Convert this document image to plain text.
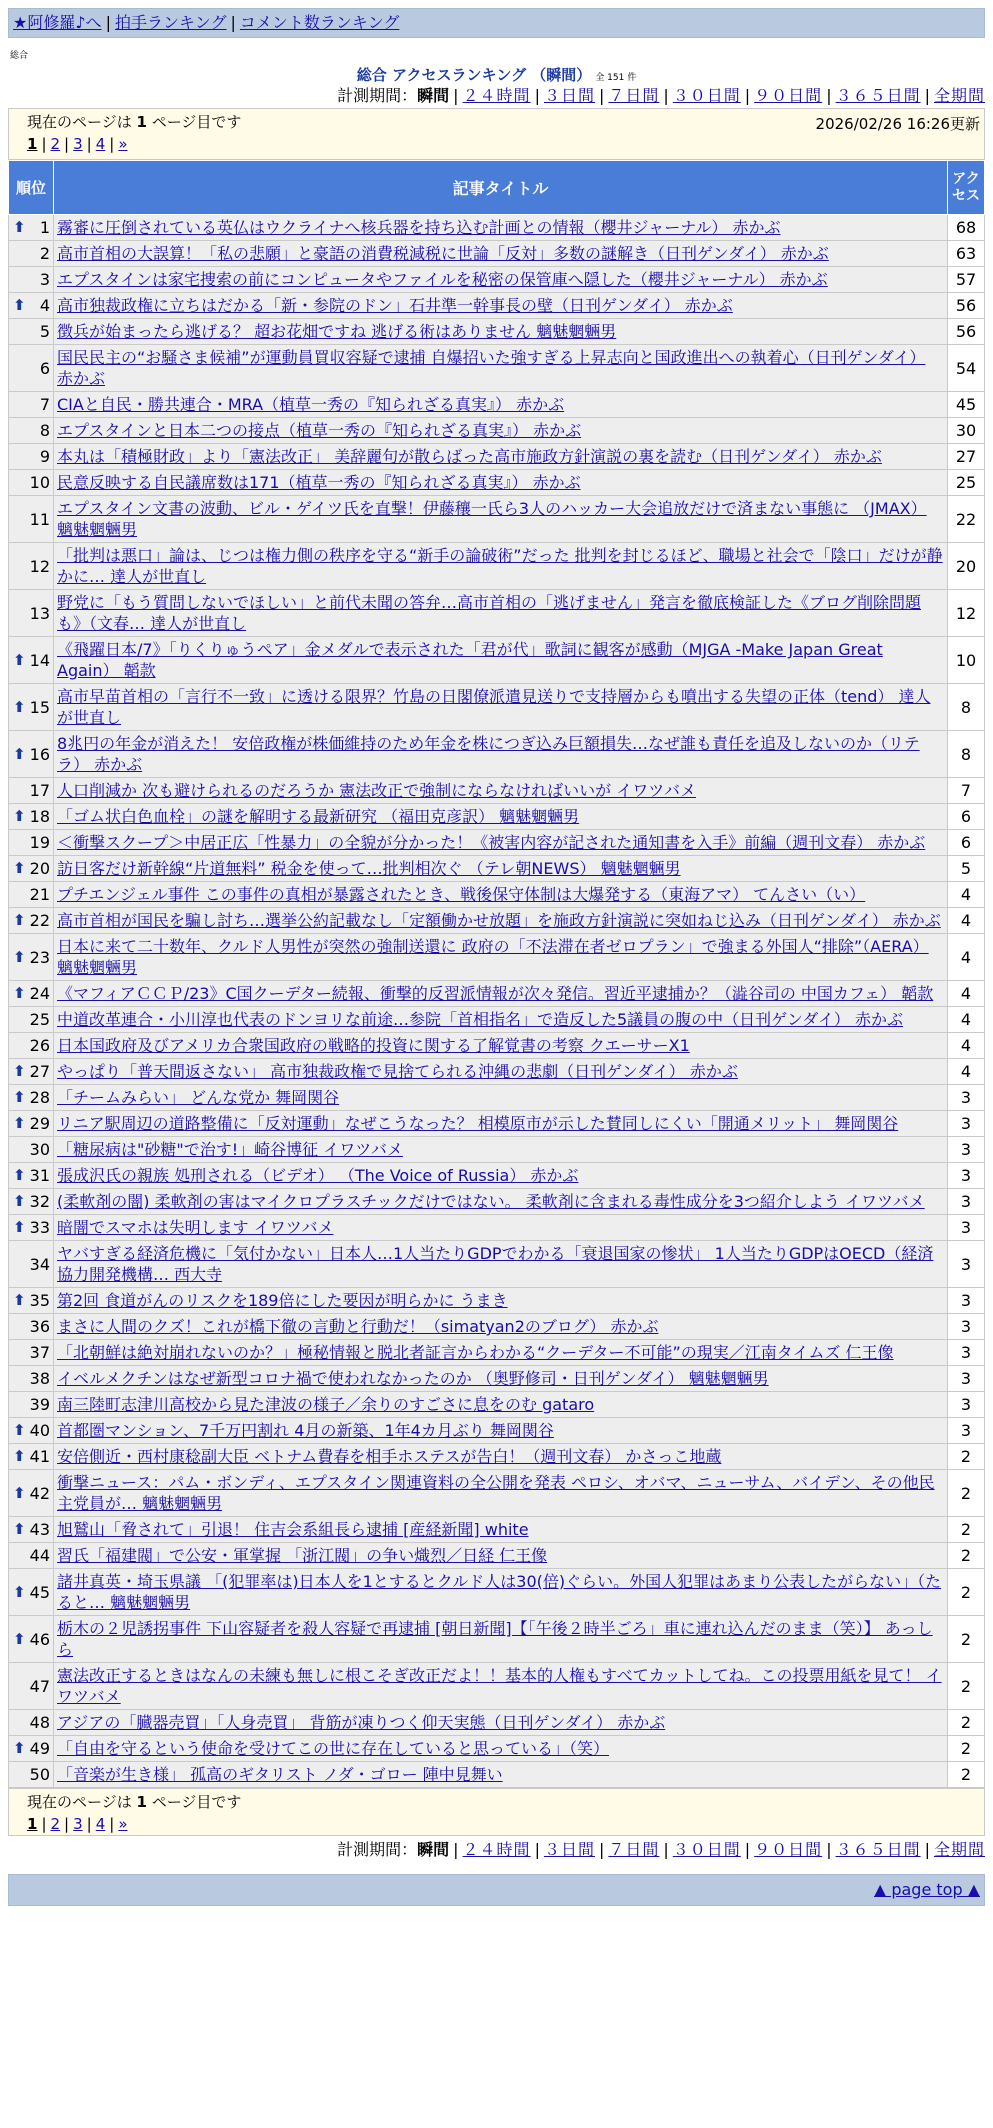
★阿修羅♪へ | 拍手ランキング | コメント数ランキング
総合
総合 アクセスランキング （瞬間） 全 151 件
計測期間：瞬間 | ２４時間 | ３日間 | ７日間 | ３０日間 | ９０日間 | ３６５日間 | 全期間
現在のページは 1 ページ目です	2026/02/26 16:26更新
1 | 2 | 3 | 4 | »
順位	記事タイトル	アクセス

⬆ 1	霧審に圧倒されている英仏はウクライナへ核兵器を持ち込む計画との情報（櫻井ジャーナル） 赤かぶ	68
2	高市首相の大誤算！「私の悲願」と豪語の消費税減税に世論「反対」多数の謎解き（日刊ゲンダイ） 赤かぶ	63
3	エプスタインは家宅捜索の前にコンピュータやファイルを秘密の保管庫へ隠した（櫻井ジャーナル） 赤かぶ	57

⬆ 4	高市独裁政権に立ちはだかる「新・参院のドン」石井準一幹事長の壁（日刊ゲンダイ） 赤かぶ	56
5	徴兵が始まったら逃げる？ 超お花畑ですね 逃げる術はありません 魑魅魍魎男	56
6	国民民主の“お騒さま候補”が運動員買収容疑で逮捕 自爆招いた強すぎる上昇志向と国政進出への執着心（日刊ゲンダイ） 赤かぶ	54
7	CIAと自民・勝共連合・MRA（植草一秀の『知られざる真実』） 赤かぶ	45
8	エプスタインと日本二つの接点（植草一秀の『知られざる真実』） 赤かぶ	30
9	本丸は「積極財政」より「憲法改正」 美辞麗句が散らばった高市施政方針演説の裏を読む（日刊ゲンダイ） 赤かぶ	27
10	民意反映する自民議席数は171（植草一秀の『知られざる真実』） 赤かぶ	25
11	エプスタイン文書の波動、ビル・ゲイツ氏を直撃！伊藤穰一氏ら3人のハッカー大会追放だけで済まない事態に （JMAX） 魑魅魍魎男	22
12	「批判は悪口」論は、じつは権力側の秩序を守る“新手の論破術”だった 批判を封じるほど、職場と社会で「陰口」だけが静かに… 達人が世直し	20
13	野党に「もう質問しないでほしい」と前代未聞の答弁…高市首相の「逃げません」発言を徹底検証した《ブログ削除問題も》（文春… 達人が世直し	12

⬆ 14	《飛躍日本/7》「りくりゅうペア」金メダルで表示された「君が代」歌詞に観客が感動（MJGA -Make Japan Great Again） 韜款	10

⬆ 15	高市早苗首相の「言行不一致」に透ける限界？竹島の日閣僚派遣見送りで支持層からも噴出する失望の正体（tend） 達人が世直し	8

⬆ 16	8兆円の年金が消えた！ 安倍政権が株価維持のため年金を株につぎ込み巨額損失…なぜ誰も責任を追及しないのか（リテラ） 赤かぶ	8
17	人口削減か 次も避けられるのだろうか 憲法改正で強制にならなければいいが イワツバメ	7

⬆ 18	「ゴム状白色血栓」の謎を解明する最新研究 （福田克彦訳） 魑魅魍魎男	6
19	＜衝撃スクープ＞中居正広「性暴力」の全貌が分かった！《被害内容が記された通知書を入手》前編（週刊文春） 赤かぶ	6

⬆ 20	訪日客だけ新幹線“片道無料” 税金を使って…批判相次ぐ （テレ朝NEWS） 魑魅魍魎男	5
21	プチエンジェル事件 この事件の真相が暴露されたとき、戦後保守体制は大爆発する（東海アマ） てんさい（い）	4

⬆ 22	高市首相が国民を騙し討ち…選挙公約記載なし「定額働かせ放題」を施政方針演説に突如ねじ込み（日刊ゲンダイ） 赤かぶ	4

⬆ 23	日本に来て二十数年、クルド人男性が突然の強制送還に 政府の「不法滞在者ゼロプラン」で強まる外国人“排除”（AERA） 魑魅魍魎男	4

⬆ 24	《マフィアＣＣＰ/23》C国クーデター続報、衝撃的反習派情報が次々発信。習近平逮捕か？（澁谷司の 中国カフェ） 韜款	4
25	中道改革連合・小川淳也代表のドンヨリな前途…参院「首相指名」で造反した5議員の腹の中（日刊ゲンダイ） 赤かぶ	4
26	日本国政府及びアメリカ合衆国政府の戦略的投資に関する了解覚書の考察 クエーサーX1	4

⬆ 27	やっぱり「普天間返さない」 高市独裁政権で見捨てられる沖縄の悲劇（日刊ゲンダイ） 赤かぶ	4

⬆ 28	「チームみらい」 どんな党か 舞岡関谷	3

⬆ 29	リニア駅周辺の道路整備に「反対運動」なぜこうなった？ 相模原市が示した賛同しにくい「開通メリット」 舞岡関谷	3
30	「糖尿病は"砂糖"で治す!」崎谷博征 イワツバメ	3

⬆ 31	張成沢氏の親族 処刑される（ビデオ） （The Voice of Russia） 赤かぶ	3

⬆ 32	(柔軟剤の闇) 柔軟剤の害はマイクロプラスチックだけではない。 柔軟剤に含まれる毒性成分を3つ紹介しよう イワツバメ	3

⬆ 33	暗闇でスマホは失明します イワツバメ	3
34	ヤバすぎる経済危機に「気付かない」日本人…1人当たりGDPでわかる「衰退国家の惨状」 1人当たりGDPはOECD（経済協力開発機構… 西大寺	3

⬆ 35	第2回 食道がんのリスクを189倍にした要因が明らかに うまき	3
36	まさに人間のクズ！これが橋下徹の言動と行動だ！（simatyan2のブログ） 赤かぶ	3
37	「北朝鮮は絶対崩れないのか？」極秘情報と脱北者証言からわかる“クーデター不可能”の現実／江南タイムズ 仁王像	3
38	イベルメクチンはなぜ新型コロナ禍で使われなかったのか （奥野修司・日刊ゲンダイ） 魑魅魍魎男	3
39	南三陸町志津川高校から見た津波の様子／余りのすごさに息をのむ gataro	3

⬆ 40	首都圏マンション、7千万円割れ 4月の新築、1年4カ月ぶり 舞岡関谷	3

⬆ 41	安倍側近・西村康稔副大臣 ベトナム費春を相手ホステスが告白！（週刊文春） かさっこ地蔵	2

⬆ 42	衝撃ニュース：パム・ボンディ、エプスタイン関連資料の全公開を発表 ペロシ、オバマ、ニューサム、バイデン、その他民主党員が… 魑魅魍魎男	2

⬆ 43	旭鷲山「脅されて」引退！ 住吉会系組長ら逮捕 [産経新聞] white	2
44	習氏「福建閥」で公安・軍掌握 「浙江閥」の争い熾烈／日経 仁王像	2

⬆ 45	諸井真英・埼玉県議 「(犯罪率は)日本人を1とするとクルド人は30(倍)ぐらい。外国人犯罪はあまり公表したがらない」（たると… 魑魅魍魎男	2

⬆ 46	栃木の２児誘拐事件 下山容疑者を殺人容疑で再逮捕 [朝日新聞]【「午後２時半ごろ」車に連れ込んだのまま（笑）】 あっしら	2
47	憲法改正するときはなんの未練も無しに根こそぎ改正だよ！！基本的人権もすべてカットしてね。この投票用紙を見て！ イワツバメ	2
48	アジアの「臓器売買」「人身売買」 背筋が凍りつく仰天実態（日刊ゲンダイ） 赤かぶ	2

⬆ 49	「自由を守るという使命を受けてこの世に存在していると思っている」（笑）	2
50	「音楽が生き様」 孤高のギタリスト ノダ・ゴロー 陣中見舞い	2
現在のページは 1 ページ目です
1 | 2 | 3 | 4 | »
計測期間：瞬間 | ２４時間 | ３日間 | ７日間 | ３０日間 | ９０日間 | ３６５日間 | 全期間
▲ page top ▲
